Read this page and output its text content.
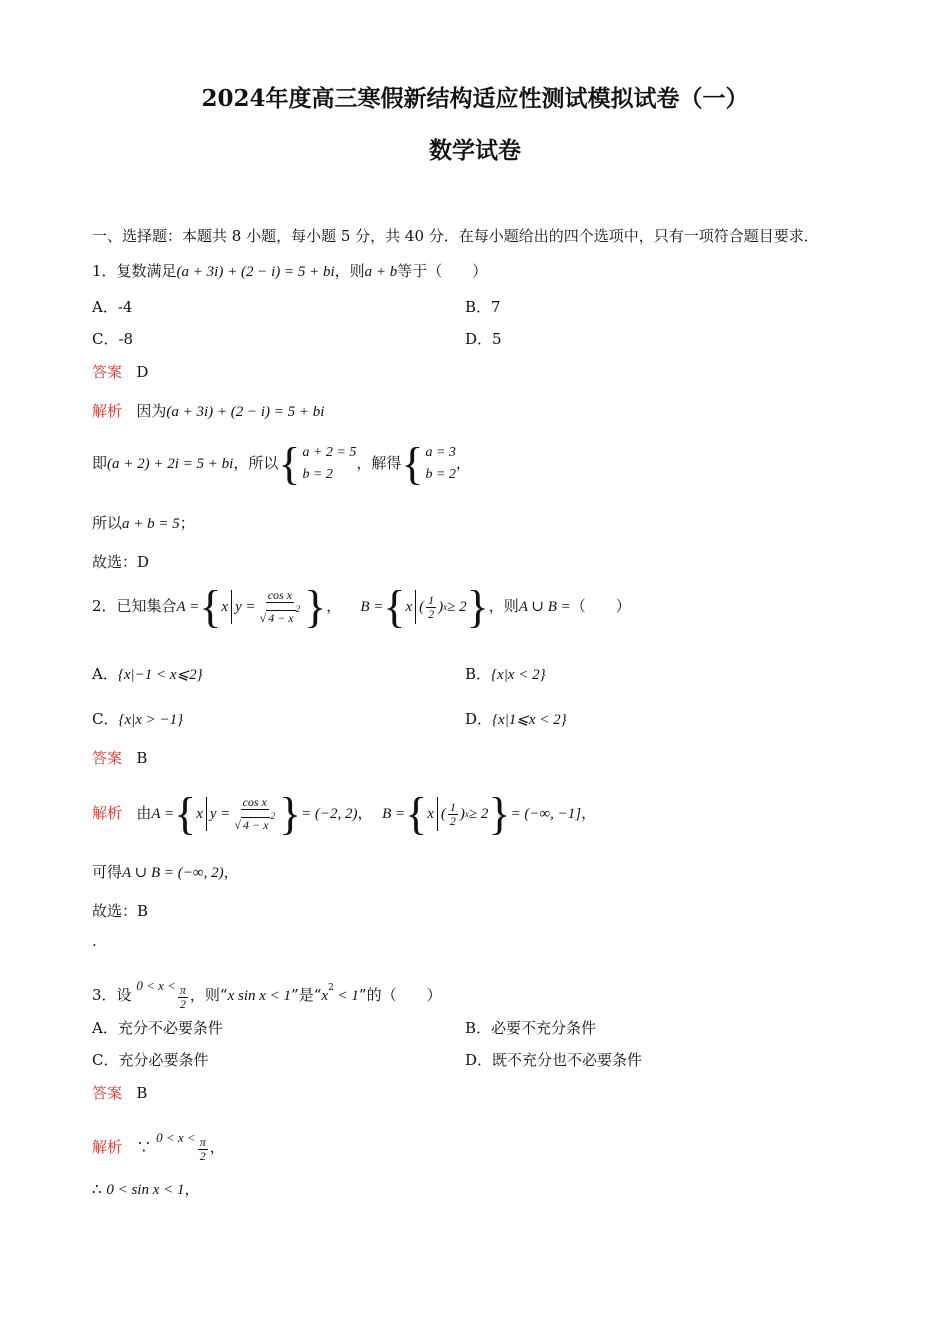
2024年度高三寒假新结构适应性测试模拟试卷（一）
数学试卷
一、选择题：本题共 8 小题，每小题 5 分，共 40 分．在每小题给出的四个选项中，只有一项符合题目要求．
1．复数满足(a + 3i) + (2 − i) = 5 + bi，则a + b等于（　　）
A．-4	B．7
C．-8	D．5
答案 D
解析 因为(a + 3i) + (2 − i) = 5 + bi
即(a + 2) + 2i = 5 + bi，所以 { a + 2 = 5
b = 2
，解得 { a = 3
b = 2
，
所以a + b = 5；
故选：D
2．已知集合 A = { x $y = \frac{\text{cos x}}{√ 4 - x^2}$ } ， B = { x ( $\frac{1}{2}$ ) x ≥ 2 } ，则A ∪ B =（　　）
A．{x|−1 < x⩽2}	B．{x|x < 2}
C．{x|x > −1}	D．{x|1⩽x < 2}
答案 B
解析 由 A = { x $y = \frac{\text{cos x}}{√ 4 - x^2}$ } = (−2, 2)， B = { x ( $\frac{1}{2}$ ) x ≥ 2 } = (−∞, −1]，
可得A ∪ B = (−∞, 2)，
故选：B
.
3．设 $0 < x < \frac{\pi}{2}$ ，则“x sin x < 1”是“$x^2 < 1$”的（　　）
A．充分不必要条件	B．必要不充分条件
C．充分必要条件	D．既不充分也不必要条件
答案 B
解析 ∵ $0 < x < \frac{\pi}{2}$ ，
∴ 0 < sin x < 1，
